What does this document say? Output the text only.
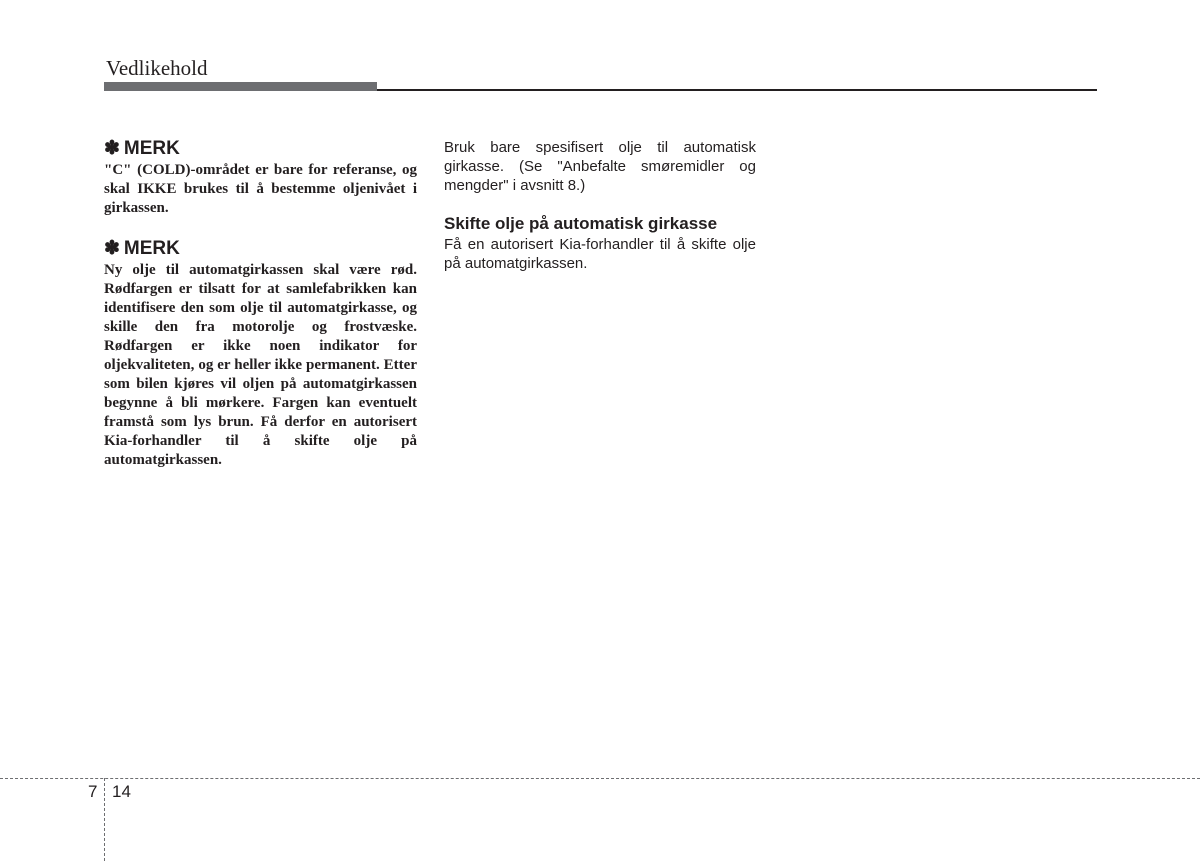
Vedlikehold

✽ MERK

"C" (COLD)-området er bare for referanse, og skal IKKE brukes til å bestemme oljenivået i girkassen.

✽ MERK

Ny olje til automatgirkassen skal være rød. Rødfargen er tilsatt for at samlefabrikken kan identifisere den som olje til automatgirkasse, og skille den fra motorolje og frostvæske. Rødfargen er ikke noen indikator for oljekvaliteten, og er heller ikke permanent. Etter som bilen kjøres vil oljen på automatgirkassen begynne å bli mørkere. Fargen kan eventuelt framstå som lys brun. Få derfor en autorisert Kia-forhandler til å skifte olje på automatgirkassen.

Bruk bare spesifisert olje til automatisk girkasse. (Se "Anbefalte smøremidler og mengder" i avsnitt 8.)

Skifte olje på automatisk girkasse

Få en autorisert Kia-forhandler til å skifte olje på automatgirkassen.

7 14
